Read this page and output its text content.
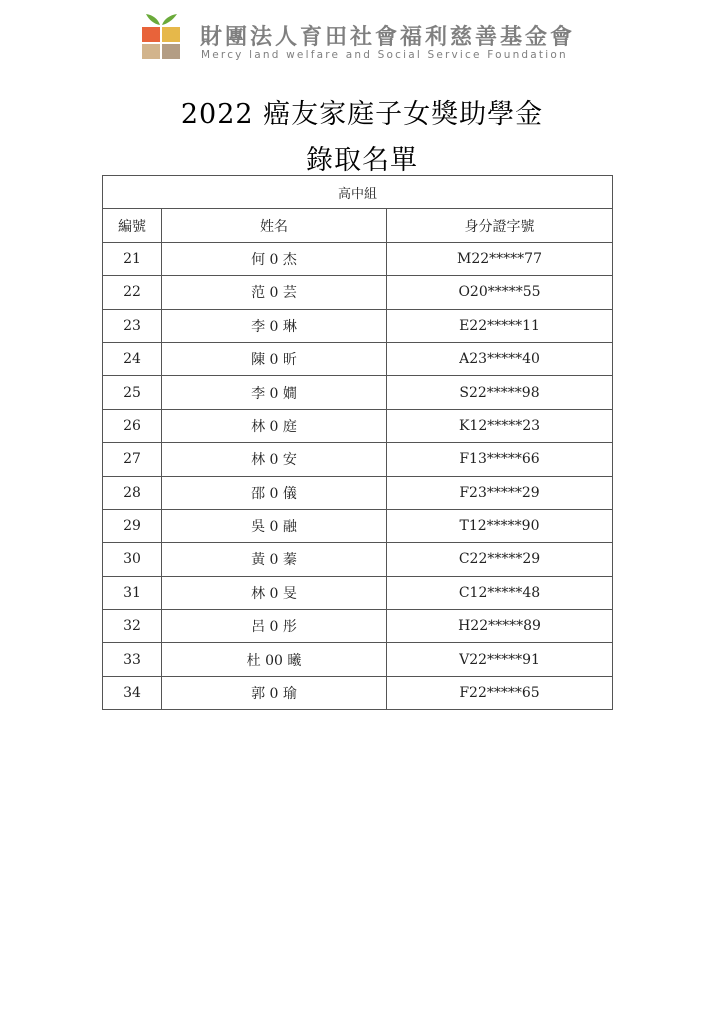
財團法人育田社會福利慈善基金會
Mercy land welfare and Social Service Foundation
2022 癌友家庭子女獎助學金
錄取名單
高中組		
編號	姓名	身分證字號
21	何 0 杰	M22*****77
22	范 0 芸	O20*****55
23	李 0 琳	E22*****11
24	陳 0 昕	A23*****40
25	李 0 嫺	S22*****98
26	林 0 庭	K12*****23
27	林 0 安	F13*****66
28	邵 0 儀	F23*****29
29	吳 0 融	T12*****90
30	黃 0 蓁	C22*****29
31	林 0 旻	C12*****48
32	呂 0 彤	H22*****89
33	杜 00 曦	V22*****91
34	郭 0 瑜	F22*****65
